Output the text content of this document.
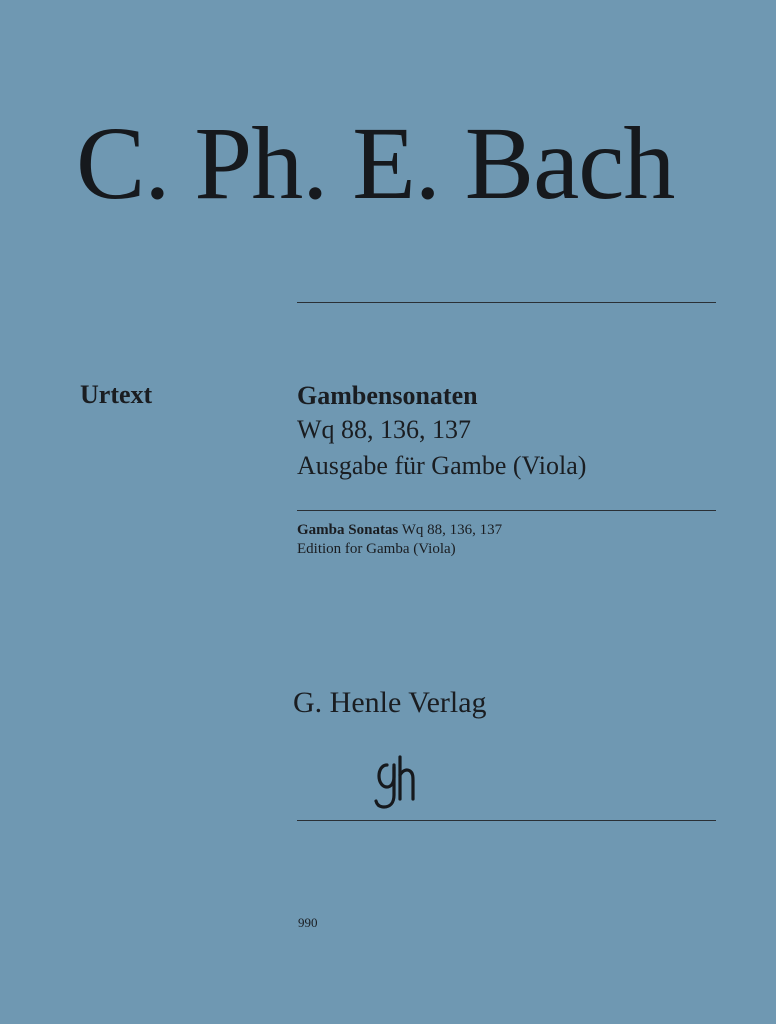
C. Ph. E. Bach
Urtext	Gambensonaten
Wq 88, 136, 137
Ausgabe für Gambe (Viola)
Gamba Sonatas Wq 88, 136, 137
Edition for Gamba (Viola)
G. Henle Verlag
990
